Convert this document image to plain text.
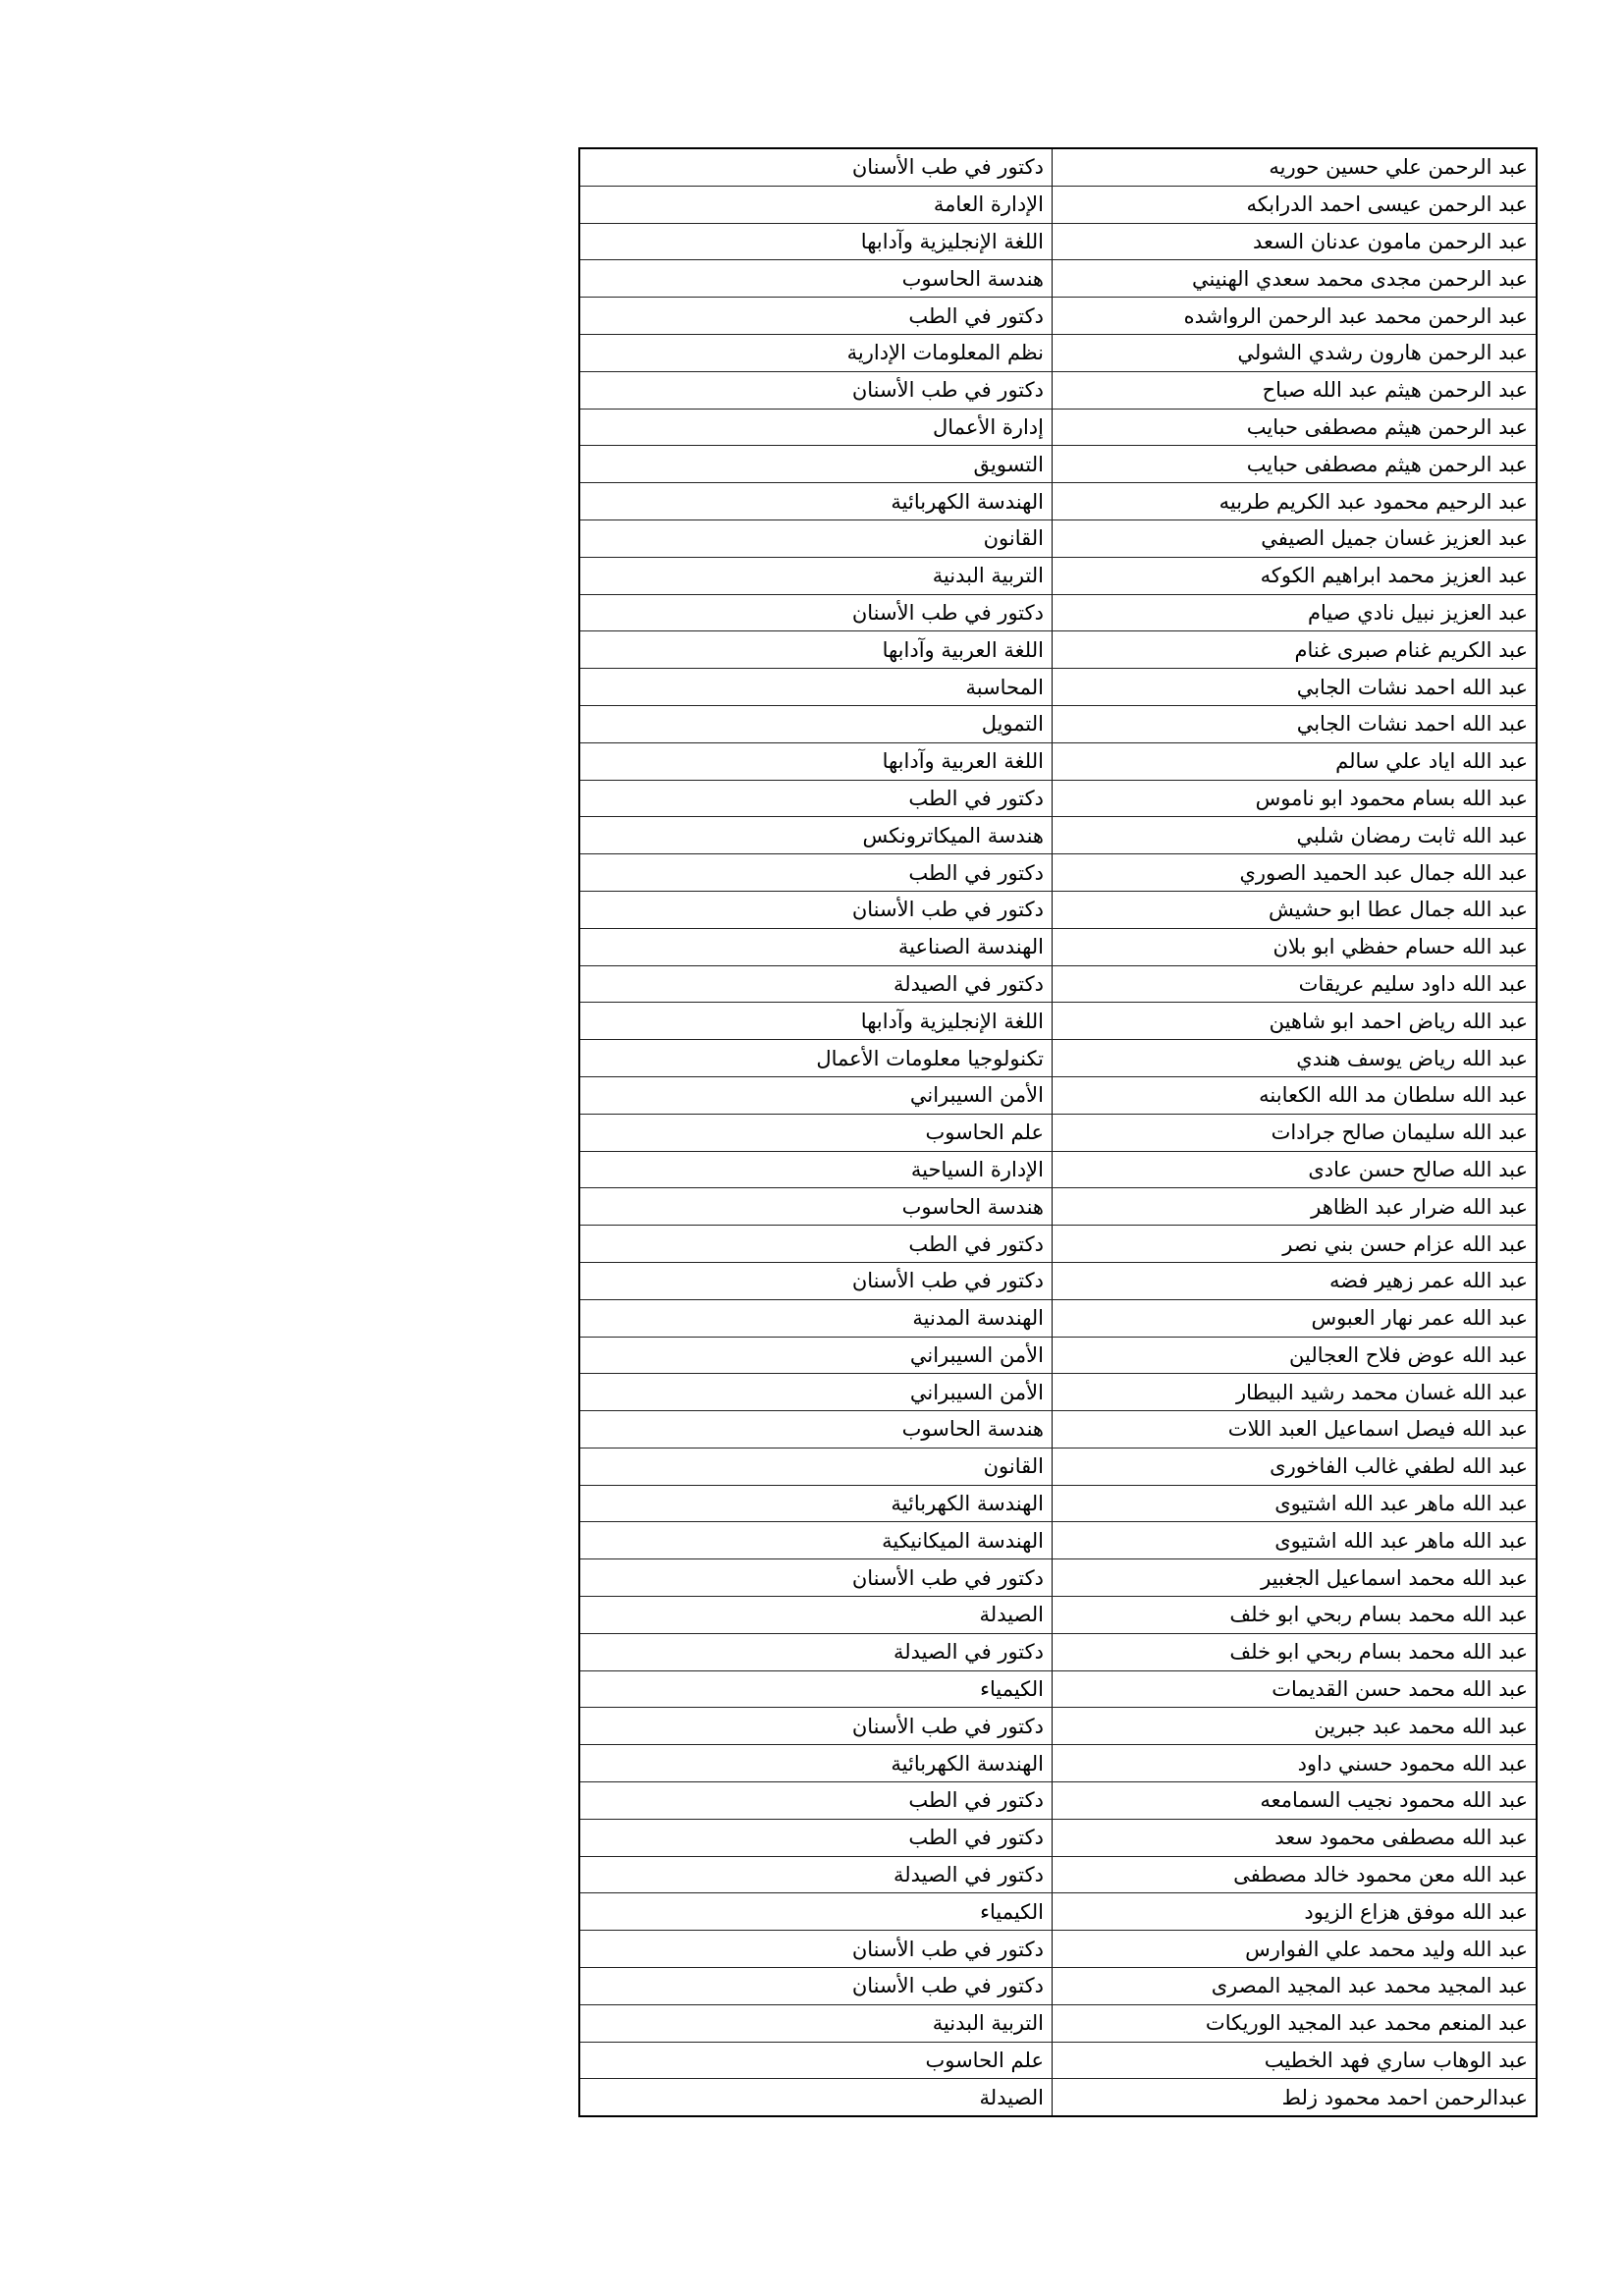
عبد الرحمن علي حسين حوريه	دكتور في طب الأسنان
عبد الرحمن عيسى احمد الدرابكه	الإدارة العامة
عبد الرحمن مامون عدنان السعد	اللغة الإنجليزية وآدابها
عبد الرحمن مجدى محمد سعدي الهنيني	هندسة الحاسوب
عبد الرحمن محمد عبد الرحمن الرواشده	دكتور في الطب
عبد الرحمن هارون رشدي الشولي	نظم المعلومات الإدارية
عبد الرحمن هيثم عبد الله صباح	دكتور في طب الأسنان
عبد الرحمن هيثم مصطفى حبايب	إدارة الأعمال
عبد الرحمن هيثم مصطفى حبايب	التسويق
عبد الرحيم محمود عبد الكريم طربيه	الهندسة الكهربائية
عبد العزيز غسان جميل الصيفي	القانون
عبد العزيز محمد ابراهيم الكوكه	التربية البدنية
عبد العزيز نبيل نادي صيام	دكتور في طب الأسنان
عبد الكريم غنام صبرى غنام	اللغة العربية وآدابها
عبد الله احمد نشات الجابي	المحاسبة
عبد الله احمد نشات الجابي	التمويل
عبد الله اياد علي سالم	اللغة العربية وآدابها
عبد الله بسام محمود ابو ناموس	دكتور في الطب
عبد الله ثابت رمضان شلبي	هندسة الميكاترونكس
عبد الله جمال عبد الحميد الصوري	دكتور في الطب
عبد الله جمال عطا ابو حشيش	دكتور في طب الأسنان
عبد الله حسام حفظي ابو بلان	الهندسة الصناعية
عبد الله داود سليم عريقات	دكتور في الصيدلة
عبد الله رياض احمد ابو شاهين	اللغة الإنجليزية وآدابها
عبد الله رياض يوسف هندي	تكنولوجيا معلومات الأعمال
عبد الله سلطان مد الله الكعابنه	الأمن السيبراني
عبد الله سليمان صالح جرادات	علم الحاسوب
عبد الله صالح حسن عادى	الإدارة السياحية
عبد الله ضرار عبد الظاهر	هندسة الحاسوب
عبد الله عزام حسن بني نصر	دكتور في الطب
عبد الله عمر زهير فضه	دكتور في طب الأسنان
عبد الله عمر نهار العبوس	الهندسة المدنية
عبد الله عوض فلاح العجالين	الأمن السيبراني
عبد الله غسان محمد رشيد البيطار	الأمن السيبراني
عبد الله فيصل اسماعيل العبد اللات	هندسة الحاسوب
عبد الله لطفي غالب الفاخورى	القانون
عبد الله ماهر عبد الله اشتيوى	الهندسة الكهربائية
عبد الله ماهر عبد الله اشتيوى	الهندسة الميكانيكية
عبد الله محمد اسماعيل الجغبير	دكتور في طب الأسنان
عبد الله محمد بسام ربحي ابو خلف	الصيدلة
عبد الله محمد بسام ربحي ابو خلف	دكتور في الصيدلة
عبد الله محمد حسن القديمات	الكيمياء
عبد الله محمد عبد جبرين	دكتور في طب الأسنان
عبد الله محمود حسني داود	الهندسة الكهربائية
عبد الله محمود نجيب السمامعه	دكتور في الطب
عبد الله مصطفى محمود سعد	دكتور في الطب
عبد الله معن محمود خالد مصطفى	دكتور في الصيدلة
عبد الله موفق هزاع الزيود	الكيمياء
عبد الله وليد محمد علي الفوارس	دكتور في طب الأسنان
عبد المجيد محمد عبد المجيد المصرى	دكتور في طب الأسنان
عبد المنعم محمد عبد المجيد الوريكات	التربية البدنية
عبد الوهاب ساري فهد الخطيب	علم الحاسوب
عبدالرحمن احمد محمود زلط	الصيدلة
